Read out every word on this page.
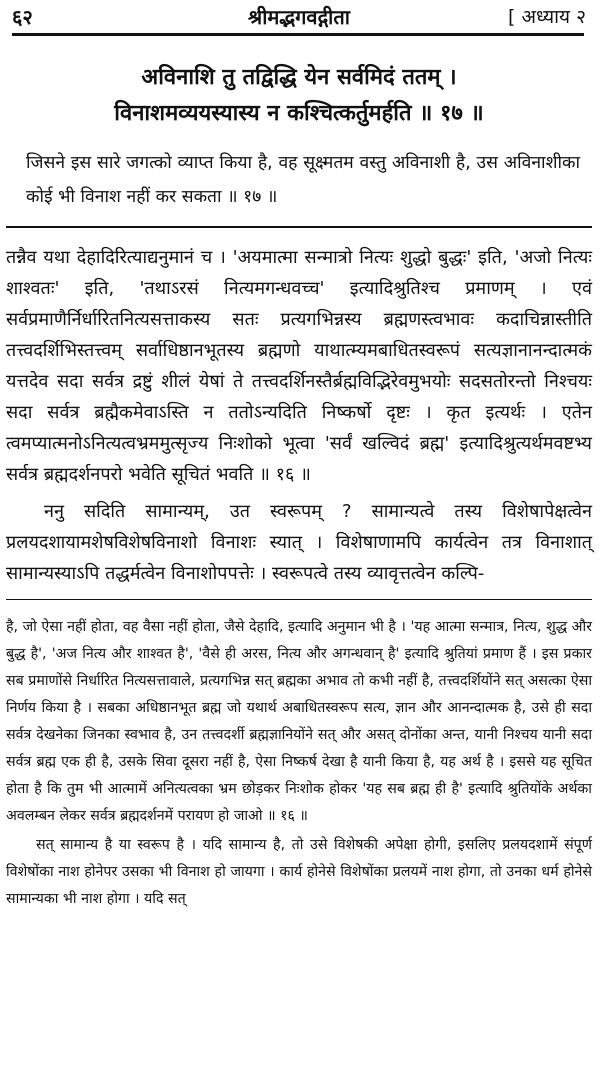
६२	श्रीमद्भगवद्गीता	[ अध्याय २
अविनाशि तु तद्विद्धि येन सर्वमिदं ततम् ।
विनाशमव्ययस्यास्य न कश्चित्कर्तुमर्हति ॥ १७ ॥
जिसने इस सारे जगत्को व्याप्त किया है, वह सूक्ष्मतम वस्तु अविनाशी है, उस अविनाशीका कोई भी विनाश नहीं कर सकता ॥ १७ ॥

तन्नैव यथा देहादिरित्याद्यनुमानं च । 'अयमात्मा सन्मात्रो नित्यः शुद्धो बुद्धः' इति, 'अजो नित्यः शाश्वतः' इति, 'तथाऽरसं नित्यमगन्धवच्च' इत्यादिश्रुतिश्च प्रमाणम् । एवं सर्वप्रमाणैर्निर्धारितनित्यसत्ताकस्य सतः प्रत्यगभिन्नस्य ब्रह्मणस्त्वभावः कदाचिन्नास्तीति तत्त्वदर्शिभिस्तत्त्वम् सर्वाधिष्ठानभूतस्य ब्रह्मणो याथात्म्यमबाधितस्वरूपं सत्यज्ञानानन्दात्मकं यत्तदेव सदा सर्वत्र द्रष्टुं शीलं येषां ते तत्त्वदर्शिनस्तैर्ब्रह्मविद्भिरेवमुभयोः सदसतोरन्तो निश्चयः सदा सर्वत्र ब्रह्मैकमेवाऽस्ति न ततोऽन्यदिति निष्कर्षो दृष्टः । कृत इत्यर्थः । एतेन त्वमप्यात्मनोऽनित्यत्वभ्रममुत्सृज्य निःशोको भूत्वा 'सर्वं खल्विदं ब्रह्म' इत्यादिश्रुत्यर्थमवष्टभ्य सर्वत्र ब्रह्मदर्शनपरो भवेति सूचितं भवति ॥ १६ ॥

ननु सदिति सामान्यम्, उत स्वरूपम् ? सामान्यत्वे तस्य विशेषापेक्षत्वेन प्रलयदशायामशेषविशेषविनाशो विनाशः स्यात् । विशेषाणामपि कार्यत्वेन तत्र विनाशात् सामान्यस्याऽपि तद्धर्मत्वेन विनाशोपपत्तेः । स्वरूपत्वे तस्य व्यावृत्तत्वेन कल्पि-

है, जो ऐसा नहीं होता, वह वैसा नहीं होता, जैसे देहादि, इत्यादि अनुमान भी है । 'यह आत्मा सन्मात्र, नित्य, शुद्ध और बुद्ध है', 'अज नित्य और शाश्वत है', 'वैसे ही अरस, नित्य और अगन्धवान् है' इत्यादि श्रुतियां प्रमाण हैं । इस प्रकार सब प्रमाणोंसे निर्धारित नित्यसत्तावाले, प्रत्यगभिन्न सत् ब्रह्मका अभाव तो कभी नहीं है, तत्त्वदर्शियोंने सत् असत्का ऐसा निर्णय किया है । सबका अधिष्ठानभूत ब्रह्म जो यथार्थ अबाधितस्वरूप सत्य, ज्ञान और आनन्दात्मक है, उसे ही सदा सर्वत्र देखनेका जिनका स्वभाव है, उन तत्त्वदर्शी ब्रह्मज्ञानियोंने सत् और असत् दोनोंका अन्त, यानी निश्चय यानी सदा सर्वत्र ब्रह्म एक ही है, उसके सिवा दूसरा नहीं है, ऐसा निष्कर्ष देखा है यानी किया है, यह अर्थ है । इससे यह सूचित होता है कि तुम भी आत्मामें अनित्यत्वका भ्रम छोड़कर निःशोक होकर 'यह सब ब्रह्म ही है' इत्यादि श्रुतियोंके अर्थका अवलम्बन लेकर सर्वत्र ब्रह्मदर्शनमें परायण हो जाओ ॥ १६ ॥

सत् सामान्य है या स्वरूप है । यदि सामान्य है, तो उसे विशेषकी अपेक्षा होगी, इसलिए प्रलयदशामें संपूर्ण विशेषोंका नाश होनेपर उसका भी विनाश हो जायगा । कार्य होनेसे विशेषोंका प्रलयमें नाश होगा, तो उनका धर्म होनेसे सामान्यका भी नाश होगा । यदि सत्
